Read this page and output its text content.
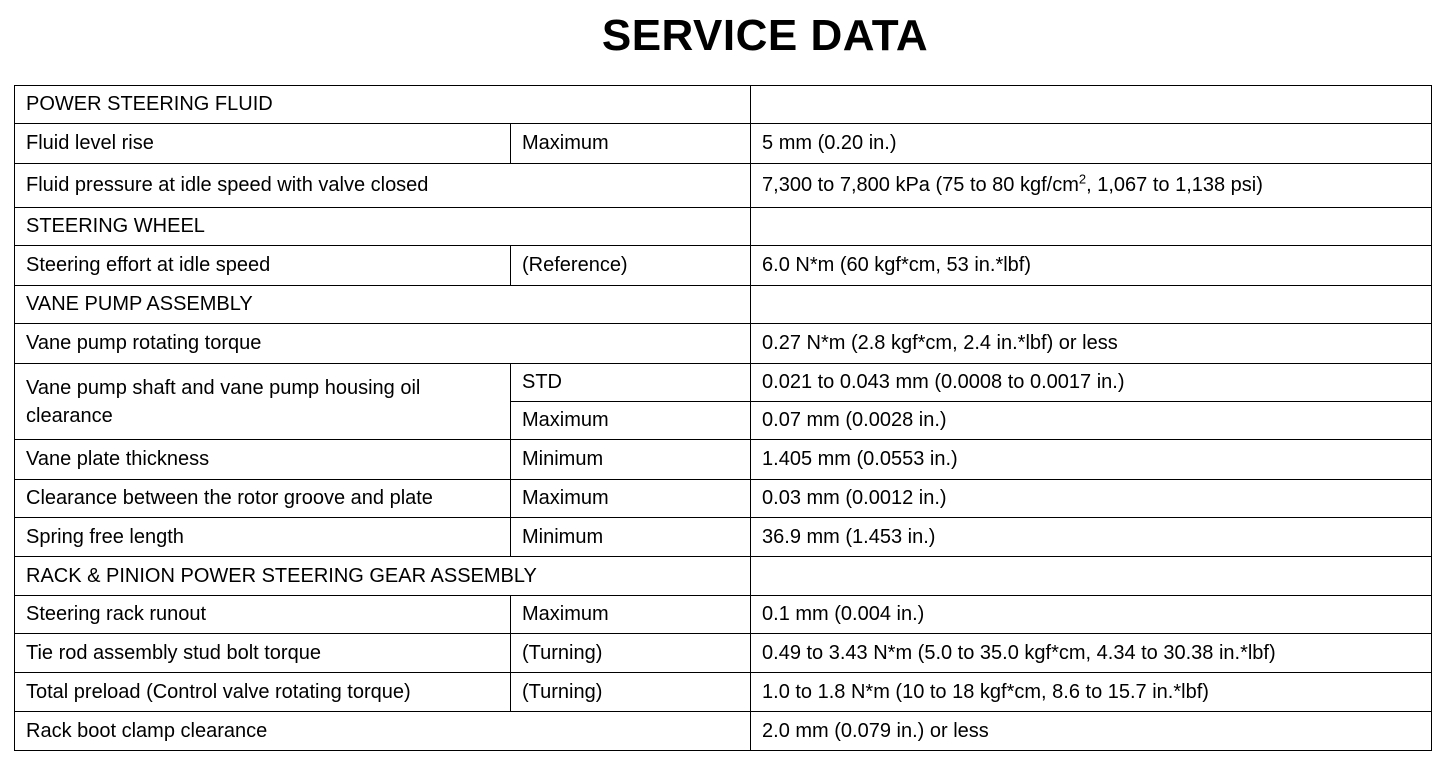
SERVICE DATA
POWER STEERING FLUID		
Fluid level rise	Maximum	5 mm (0.20 in.)
Fluid pressure at idle speed with valve closed		7,300 to 7,800 kPa (75 to 80 kgf/$cm^2$, 1,067 to 1,138 psi)
STEERING WHEEL		
Steering effort at idle speed	(Reference)	6.0 N*m (60 kgf*cm, 53 in.*lbf)
VANE PUMP ASSEMBLY		
Vane pump rotating torque		0.27 N*m (2.8 kgf*cm, 2.4 in.*lbf) or less
Vane pump shaft and vane pump housing oil clearance	STD	0.021 to 0.043 mm (0.0008 to 0.0017 in.)
	Maximum	0.07 mm (0.0028 in.)
Vane plate thickness	Minimum	1.405 mm (0.0553 in.)
Clearance between the rotor groove and plate	Maximum	0.03 mm (0.0012 in.)
Spring free length	Minimum	36.9 mm (1.453 in.)
RACK & PINION POWER STEERING GEAR ASSEMBLY		
Steering rack runout	Maximum	0.1 mm (0.004 in.)
Tie rod assembly stud bolt torque	(Turning)	0.49 to 3.43 N*m (5.0 to 35.0 kgf*cm, 4.34 to 30.38 in.*lbf)
Total preload (Control valve rotating torque)	(Turning)	1.0 to 1.8 N*m (10 to 18 kgf*cm, 8.6 to 15.7 in.*lbf)
Rack boot clamp clearance		2.0 mm (0.079 in.) or less
